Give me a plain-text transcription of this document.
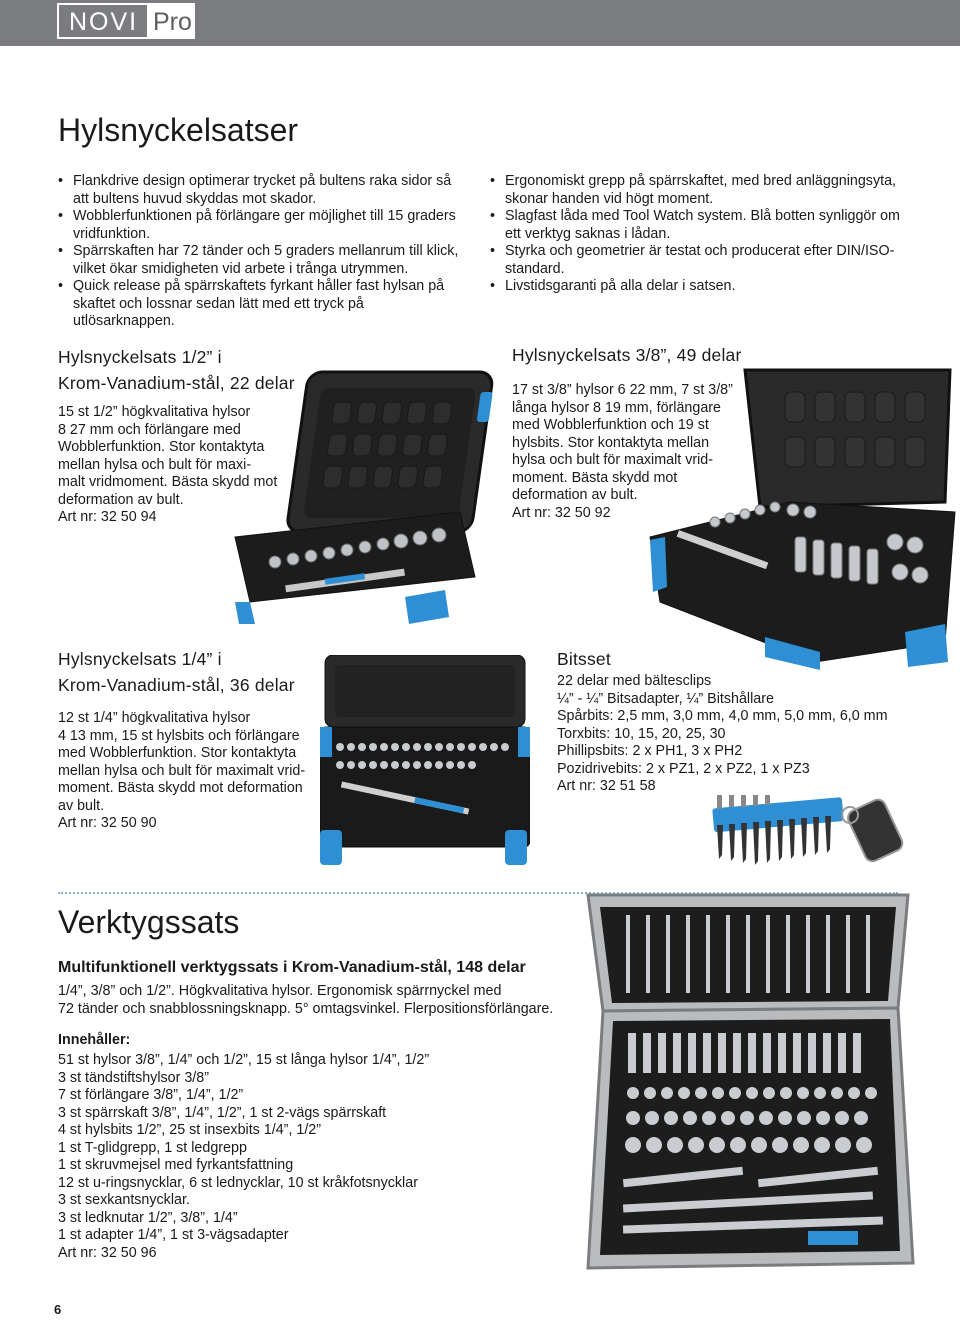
NOVI Pro
Hylsnyckelsatser
• Flankdrive design optimerar trycket på bultens raka sidor så att bultens huvud skyddas mot skador.
• Wobblerfunktionen på förlängare ger möjlighet till 15 graders vridfunktion.
• Spärrskaften har 72 tänder och 5 graders mellanrum till klick, vilket ökar smidigheten vid arbete i trånga utrymmen.
• Quick release på spärrskaftets fyrkant håller fast hylsan på skaftet och lossnar sedan lätt med ett tryck på utlösarknappen.
• Ergonomiskt grepp på spärrskaftet, med bred anläggningsyta, skonar handen vid högt moment.
• Slagfast låda med Tool Watch system. Blå botten synliggör om ett verktyg saknas i lådan.
• Styrka och geometrier är testat och producerat efter DIN/ISO-standard.
• Livstidsgaranti på alla delar i satsen.
Hylsnyckelsats 1/2” i
Krom-Vanadium-stål, 22 delar

15 st 1/2” högkvalitativa hylsor

8 27 mm och förlängare med

Wobblerfunktion. Stor kontaktyta

mellan hylsa och bult för maxi-

malt vridmoment. Bästa skydd mot

deformation av bult.

Art nr: 32 50 94

Hylsnyckelsats 3/8”, 49 delar

17 st 3/8” hylsor 6 22 mm, 7 st 3/8”

långa hylsor 8 19 mm, förlängare

med Wobblerfunktion och 19 st

hylsbits. Stor kontaktyta mellan

hylsa och bult för maximalt vrid-

moment. Bästa skydd mot

deformation av bult.

Art nr: 32 50 92

Hylsnyckelsats 1/4” i
Krom-Vanadium-stål, 36 delar

12 st 1/4” högkvalitativa hylsor

4 13 mm, 15 st hylsbits och förlängare

med Wobblerfunktion. Stor kontaktyta

mellan hylsa och bult för maximalt vrid-

moment. Bästa skydd mot deformation

av bult.

Art nr: 32 50 90

Bitsset

22 delar med bältesclips

¼” - ¼” Bitsadapter, ¼” Bitshållare

Spårbits: 2,5 mm, 3,0 mm, 4,0 mm, 5,0 mm, 6,0 mm

Torxbits: 10, 15, 20, 25, 30

Phillipsbits: 2 x PH1, 3 x PH2

Pozidrivebits: 2 x PZ1, 2 x PZ2, 1 x PZ3

Art nr: 32 51 58

Verktygssats
Multifunktionell verktygssats i Krom-Vanadium-stål, 148 delar

1/4”, 3/8” och 1/2”. Högkvalitativa hylsor. Ergonomisk spärrnyckel med

72 tänder och snabblossningsknapp. 5° omtagsvinkel. Flerpositionsförlängare.

Innehåller:

51 st hylsor 3/8”, 1/4” och 1/2”, 15 st långa hylsor 1/4”, 1/2”

3 st tändstiftshylsor 3/8”

7 st förlängare 3/8”, 1/4”, 1/2”

3 st spärrskaft 3/8”, 1/4”, 1/2”, 1 st 2-vägs spärrskaft

4 st hylsbits 1/2”, 25 st insexbits 1/4”, 1/2”

1 st T-glidgrepp, 1 st ledgrepp

1 st skruvmejsel med fyrkantsfattning

12 st u-ringsnycklar, 6 st lednycklar, 10 st kråkfotsnycklar

3 st sexkantsnycklar.

3 st ledknutar 1/2”, 3/8”, 1/4”

1 st adapter 1/4”, 1 st 3-vägsadapter

Art nr: 32 50 96

6
